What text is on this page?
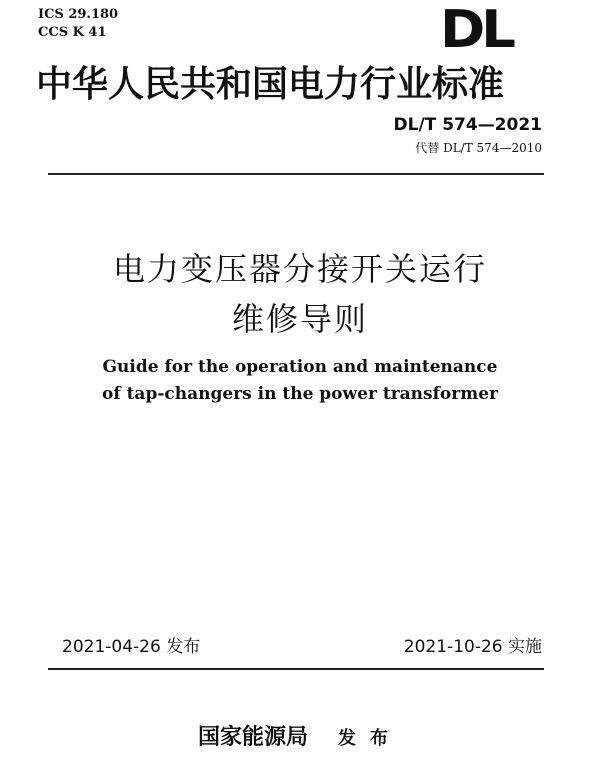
ICS 29.180
CCS K 41	DL
中华人民共和国电力行业标准
DL/T 574—2021
代替 DL/T 574—2010
电力变压器分接开关运行
维修导则
Guide for the operation and maintenance
of tap-changers in the power transformer
2021-04-26 发布	2021-10-26 实施
国家能源局 发布
